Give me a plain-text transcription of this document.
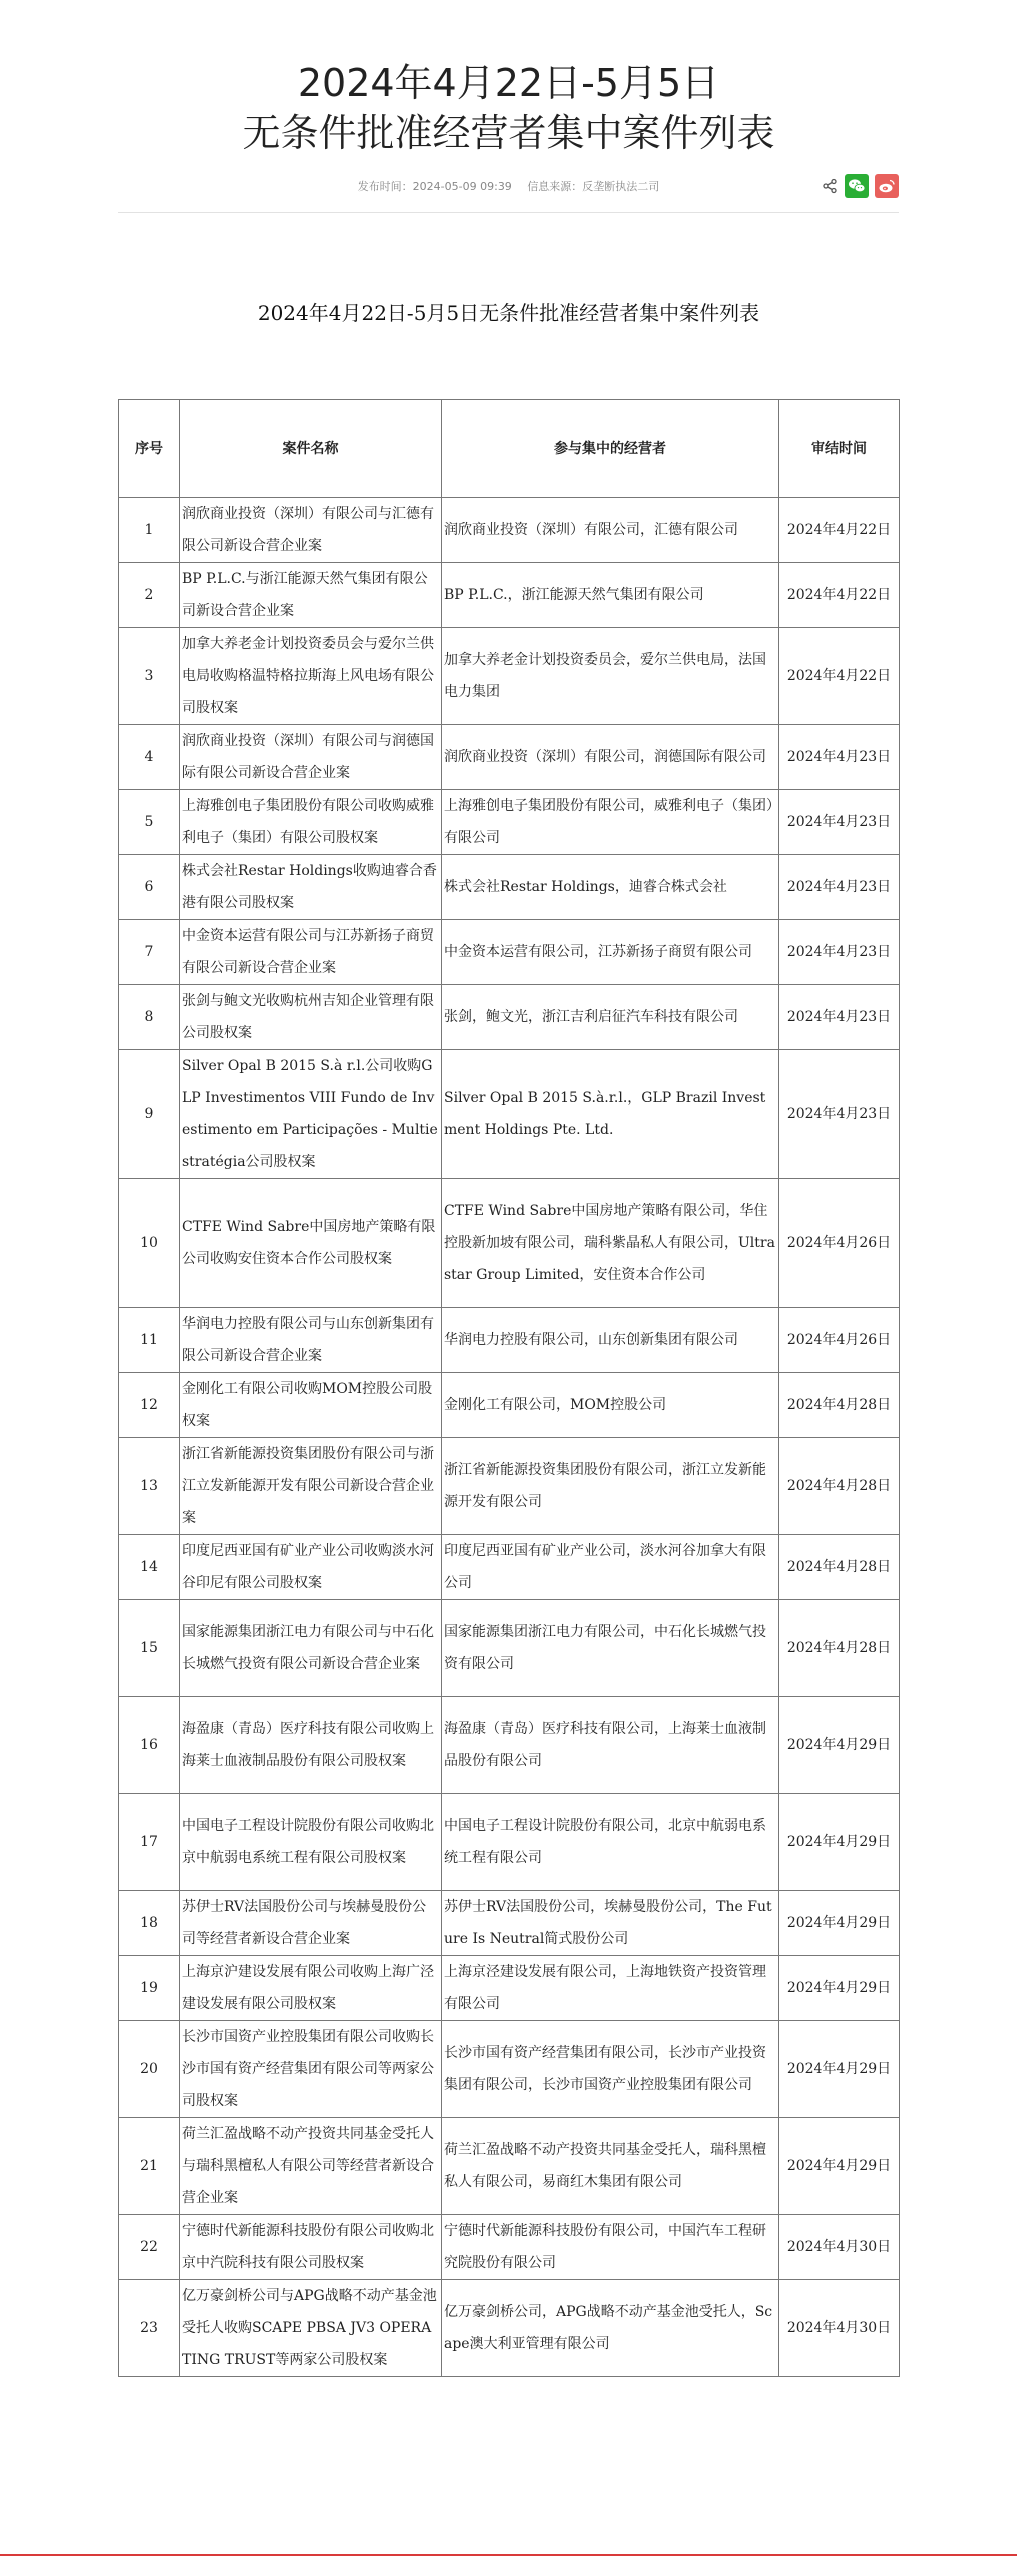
2024年4月22日-5月5日
无条件批准经营者集中案件列表
发布时间：2024-05-09 09:39 信息来源：反垄断执法二司
2024年4月22日-5月5日无条件批准经营者集中案件列表
序号	案件名称	参与集中的经营者	审结时间
1	润欣商业投资（深圳）有限公司与汇德有限公司新设合营企业案	润欣商业投资（深圳）有限公司，汇德有限公司	2024年4月22日
2	BP P.L.C.与浙江能源天然气集团有限公司新设合营企业案	BP P.L.C.，浙江能源天然气集团有限公司	2024年4月22日
3	加拿大养老金计划投资委员会与爱尔兰供电局收购格温特格拉斯海上风电场有限公司股权案	加拿大养老金计划投资委员会，爱尔兰供电局，法国电力集团	2024年4月22日
4	润欣商业投资（深圳）有限公司与润德国际有限公司新设合营企业案	润欣商业投资（深圳）有限公司，润德国际有限公司	2024年4月23日
5	上海雅创电子集团股份有限公司收购威雅利电子（集团）有限公司股权案	上海雅创电子集团股份有限公司，威雅利电子（集团）有限公司	2024年4月23日
6	株式会社Restar Holdings收购迪睿合香港有限公司股权案	株式会社Restar Holdings，迪睿合株式会社	2024年4月23日
7	中金资本运营有限公司与江苏新扬子商贸有限公司新设合营企业案	中金资本运营有限公司，江苏新扬子商贸有限公司	2024年4月23日
8	张剑与鲍文光收购杭州吉知企业管理有限公司股权案	张剑，鲍文光，浙江吉利启征汽车科技有限公司	2024年4月23日
9	Silver Opal B 2015 S.à r.l.公司收购GLP Investimentos VIII Fundo de Investimento em Participações - Multiestratégia公司股权案	Silver Opal B 2015 S.à.r.l.，GLP Brazil Investment Holdings Pte. Ltd.	2024年4月23日
10	CTFE Wind Sabre中国房地产策略有限公司收购安住资本合作公司股权案	CTFE Wind Sabre中国房地产策略有限公司，华住控股新加坡有限公司，瑞科紫晶私人有限公司，Ultrastar Group Limited，安住资本合作公司	2024年4月26日
11	华润电力控股有限公司与山东创新集团有限公司新设合营企业案	华润电力控股有限公司，山东创新集团有限公司	2024年4月26日
12	金刚化工有限公司收购MOM控股公司股权案	金刚化工有限公司，MOM控股公司	2024年4月28日
13	浙江省新能源投资集团股份有限公司与浙江立发新能源开发有限公司新设合营企业案	浙江省新能源投资集团股份有限公司，浙江立发新能源开发有限公司	2024年4月28日
14	印度尼西亚国有矿业产业公司收购淡水河谷印尼有限公司股权案	印度尼西亚国有矿业产业公司，淡水河谷加拿大有限公司	2024年4月28日
15	国家能源集团浙江电力有限公司与中石化长城燃气投资有限公司新设合营企业案	国家能源集团浙江电力有限公司，中石化长城燃气投资有限公司	2024年4月28日
16	海盈康（青岛）医疗科技有限公司收购上海莱士血液制品股份有限公司股权案	海盈康（青岛）医疗科技有限公司，上海莱士血液制品股份有限公司	2024年4月29日
17	中国电子工程设计院股份有限公司收购北京中航弱电系统工程有限公司股权案	中国电子工程设计院股份有限公司，北京中航弱电系统工程有限公司	2024年4月29日
18	苏伊士RV法国股份公司与埃赫曼股份公司等经营者新设合营企业案	苏伊士RV法国股份公司，埃赫曼股份公司，The Future Is Neutral简式股份公司	2024年4月29日
19	上海京沪建设发展有限公司收购上海广泾建设发展有限公司股权案	上海京泾建设发展有限公司，上海地铁资产投资管理有限公司	2024年4月29日
20	长沙市国资产业控股集团有限公司收购长沙市国有资产经营集团有限公司等两家公司股权案	长沙市国有资产经营集团有限公司，长沙市产业投资集团有限公司，长沙市国资产业控股集团有限公司	2024年4月29日
21	荷兰汇盈战略不动产投资共同基金受托人与瑞科黑檀私人有限公司等经营者新设合营企业案	荷兰汇盈战略不动产投资共同基金受托人，瑞科黑檀私人有限公司，易商红木集团有限公司	2024年4月29日
22	宁德时代新能源科技股份有限公司收购北京中汽院科技有限公司股权案	宁德时代新能源科技股份有限公司，中国汽车工程研究院股份有限公司	2024年4月30日
23	亿万豪剑桥公司与APG战略不动产基金池受托人收购SCAPE PBSA JV3 OPERATING TRUST等两家公司股权案	亿万豪剑桥公司，APG战略不动产基金池受托人，Scape澳大利亚管理有限公司	2024年4月30日
